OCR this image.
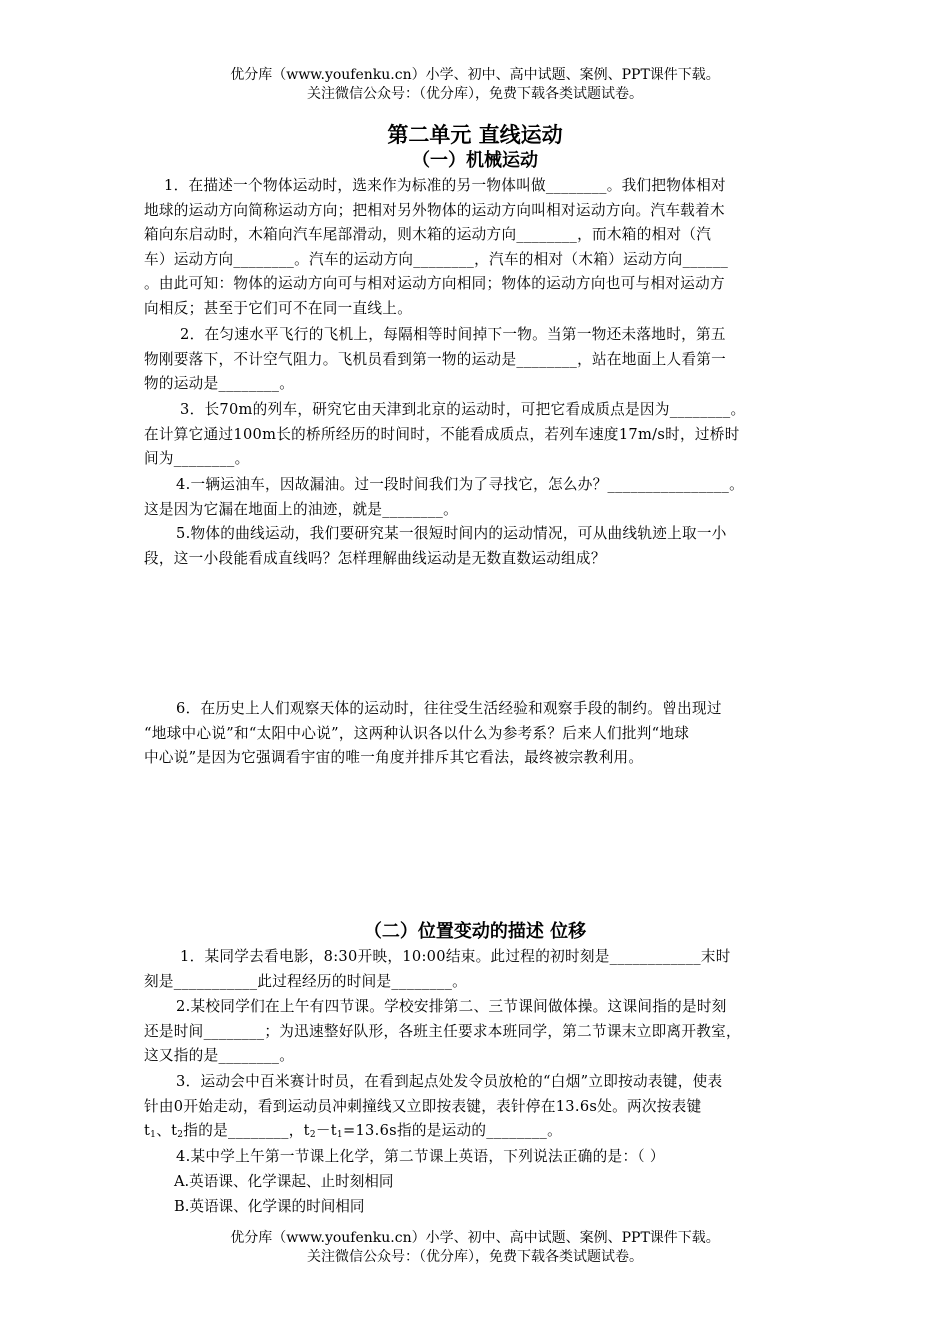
优分库（www.youfenku.cn）小学、初中、高中试题、案例、PPT课件下载。
关注微信公众号：（优分库），免费下载各类试题试卷。
第二单元 直线运动
（一）机械运动
1．在描述一个物体运动时，选来作为标准的另一物体叫做________。我们把物体相对
地球的运动方向简称运动方向；把相对另外物体的运动方向叫相对运动方向。汽车载着木
箱向东启动时，木箱向汽车尾部滑动，则木箱的运动方向________，而木箱的相对（汽
车）运动方向________。汽车的运动方向________，汽车的相对（木箱）运动方向______
。由此可知：物体的运动方向可与相对运动方向相同；物体的运动方向也可与相对运动方
向相反；甚至于它们可不在同一直线上。
2．在匀速水平飞行的飞机上，每隔相等时间掉下一物。当第一物还未落地时，第五
物刚要落下，不计空气阻力。飞机员看到第一物的运动是________，站在地面上人看第一
物的运动是________。
3．长70m的列车，研究它由天津到北京的运动时，可把它看成质点是因为________。
在计算它通过100m长的桥所经历的时间时，不能看成质点，若列车速度17m/s时，过桥时
间为________。
4.一辆运油车，因故漏油。过一段时间我们为了寻找它，怎么办？________________。
这是因为它漏在地面上的油迹，就是________。
5.物体的曲线运动，我们要研究某一很短时间内的运动情况，可从曲线轨迹上取一小
段，这一小段能看成直线吗？怎样理解曲线运动是无数直数运动组成？
6．在历史上人们观察天体的运动时，往往受生活经验和观察手段的制约。曾出现过
“地球中心说”和“太阳中心说”，这两种认识各以什么为参考系？后来人们批判“地球
中心说”是因为它强调看宇宙的唯一角度并排斥其它看法，最终被宗教利用。
（二）位置变动的描述 位移
1．某同学去看电影，8:30开映，10:00结束。此过程的初时刻是____________末时
刻是___________此过程经历的时间是________。
2.某校同学们在上午有四节课。学校安排第二、三节课间做体操。这课间指的是时刻
还是时间________；为迅速整好队形，各班主任要求本班同学，第二节课末立即离开教室，
这又指的是________。
3．运动会中百米赛计时员，在看到起点处发令员放枪的“白烟”立即按动表键，使表
针由0开始走动，看到运动员冲刺撞线又立即按表键，表针停在13.6s处。两次按表键
$t_1$、$t_2$指的是________，$t_2-t_1=13.6s$指的是运动的________。
4.某中学上午第一节课上化学，第二节课上英语，下列说法正确的是：（ ）
A.英语课、化学课起、止时刻相同
B.英语课、化学课的时间相同
优分库（www.youfenku.cn）小学、初中、高中试题、案例、PPT课件下载。
关注微信公众号：（优分库），免费下载各类试题试卷。
